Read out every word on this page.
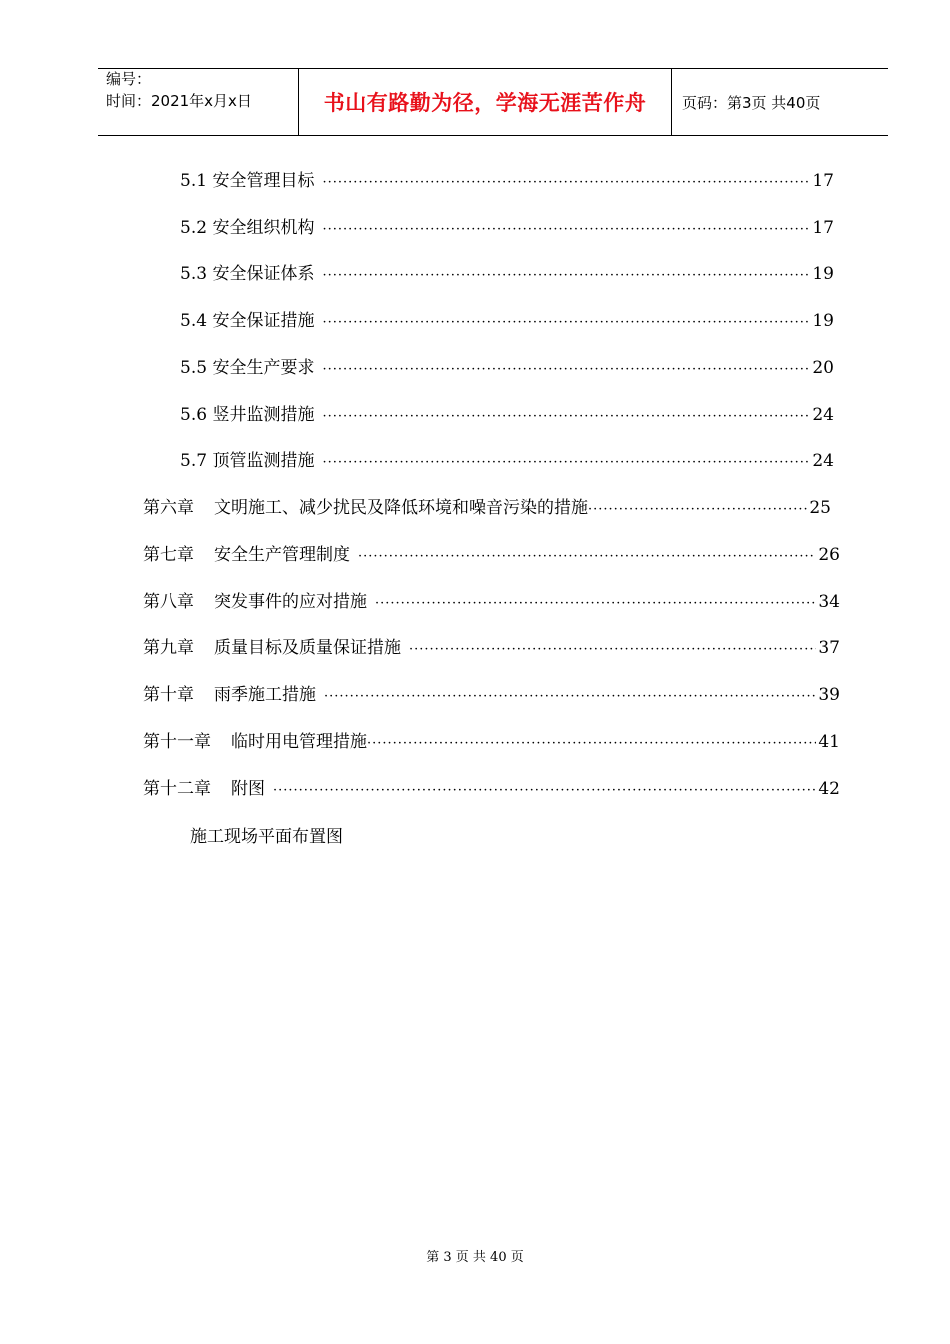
编号：
时间：2021年x月x日	书山有路勤为径，学海无涯苦作舟 页码：第3页 共40页
5.1 安全管理目标 ·····	17
5.2 安全组织机构 ·····	17
5.3 安全保证体系 ·····	19
5.4 安全保证措施 ·····	19
5.5 安全生产要求 ·····	20
5.6 竖井监测措施 ·····	24
5.7 顶管监测措施 ·····	24
第六章 文明施工、减少扰民及降低环境和噪音污染的措施 ·····	25
第七章 安全生产管理制度 ·····	26
第八章 突发事件的应对措施 ·····	34
第九章 质量目标及质量保证措施 ·····	37
第十章 雨季施工措施 ·····	39
第十一章 临时用电管理措施 ·····	41
第十二章 附图 ·····	42
施工现场平面布置图
第 3 页 共 40 页
